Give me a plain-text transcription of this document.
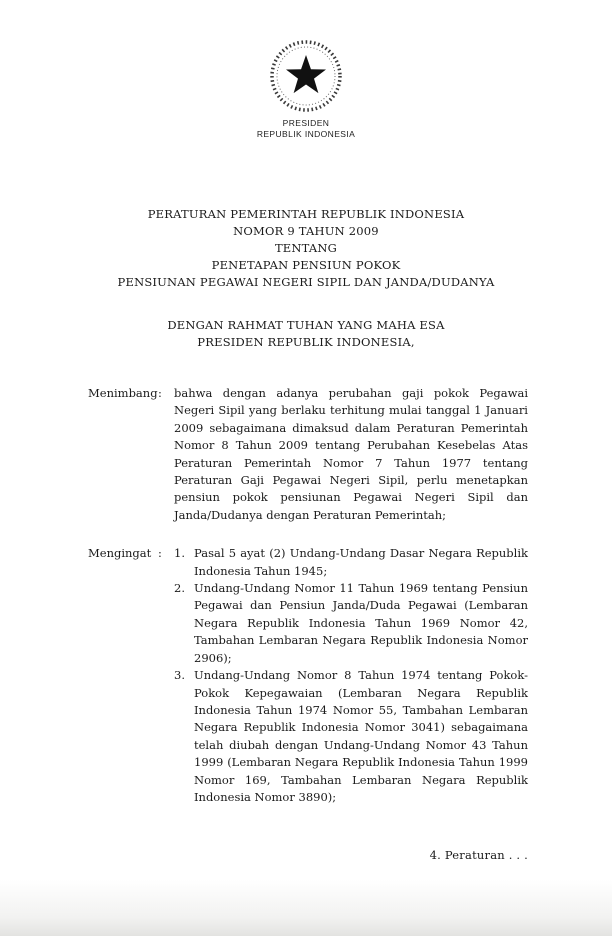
PRESIDEN
REPUBLIK INDONESIA
PERATURAN PEMERINTAH REPUBLIK INDONESIA
NOMOR 9 TAHUN 2009
TENTANG
PENETAPAN PENSIUN POKOK
PENSIUNAN PEGAWAI NEGERI SIPIL DAN JANDA/DUDANYA
DENGAN RAHMAT TUHAN YANG MAHA ESA
PRESIDEN REPUBLIK INDONESIA,
Menimbang :	bahwa dengan adanya perubahan gaji pokok Pegawai Negeri Sipil yang berlaku terhitung mulai tanggal 1 Januari 2009 sebagaimana dimaksud dalam Peraturan Pemerintah Nomor 8 Tahun 2009 tentang Perubahan Kesebelas Atas Peraturan Pemerintah Nomor 7 Tahun 1977 tentang Peraturan Gaji Pegawai Negeri Sipil, perlu menetapkan pensiun pokok pensiunan Pegawai Negeri Sipil dan Janda/Dudanya dengan Peraturan Pemerintah;
Mengingat :	1. Pasal 5 ayat (2) Undang-Undang Dasar Negara Republik Indonesia Tahun 1945;
2. Undang-Undang Nomor 11 Tahun 1969 tentang Pensiun Pegawai dan Pensiun Janda/Duda Pegawai (Lembaran Negara Republik Indonesia Tahun 1969 Nomor 42, Tambahan Lembaran Negara Republik Indonesia Nomor 2906);
3. Undang-Undang Nomor 8 Tahun 1974 tentang Pokok-Pokok Kepegawaian (Lembaran Negara Republik Indonesia Tahun 1974 Nomor 55, Tambahan Lembaran Negara Republik Indonesia Nomor 3041) sebagaimana telah diubah dengan Undang-Undang Nomor 43 Tahun 1999 (Lembaran Negara Republik Indonesia Tahun 1999 Nomor 169, Tambahan Lembaran Negara Republik Indonesia Nomor 3890);
4. Peraturan . . .
